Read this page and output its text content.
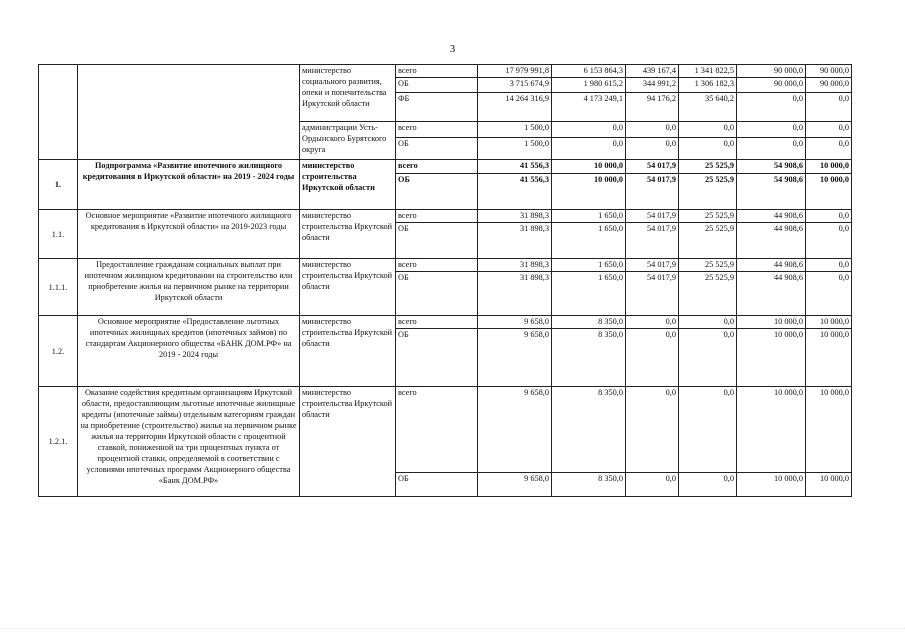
3
		министерство социального развития, опеки и попечительства Иркутской области	всего	17 979 991,8	6 153 864,3	439 167,4	1 341 822,5	90 000,0	90 000,0
			ОБ	3 715 674,9	1 980 615,2	344 991,2	1 306 182,3	90 000,0	90 000,0
			ФБ	14 264 316,9	4 173 249,1	94 176,2	35 640,2	0,0	0,0
		администрации Усть-Ордынского Бурятского округа	всего	1 500,0	0,0	0,0	0,0	0,0	0,0
			ОБ	1 500,0	0,0	0,0	0,0	0,0	0,0
1.	Подпрограмма «Развитие ипотечного жилищного кредитования в Иркутской области» на 2019 - 2024 годы	министерство строительства Иркутской области	всего	41 556,3	10 000,0	54 017,9	25 525,9	54 908,6	10 000,0
			ОБ	41 556,3	10 000,0	54 017,9	25 525,9	54 908,6	10 000,0
1.1.	Основное мероприятие «Развитие ипотечного жилищного кредитования в Иркутской области» на 2019-2023 годы	министерство строительства Иркутской области	всего	31 898,3	1 650,0	54 017,9	25 525,9	44 908,6	0,0
			ОБ	31 898,3	1 650,0	54 017,9	25 525,9	44 908,6	0,0
1.1.1.	Предоставление гражданам социальных выплат при ипотечном жилищном кредитовании на строительство или приобретение жилья на первичном рынке на территории Иркутской области	министерство строительства Иркутской области	всего	31 898,3	1 650,0	54 017,9	25 525,9	44 908,6	0,0
			ОБ	31 898,3	1 650,0	54 017,9	25 525,9	44 908,6	0,0
1.2.	Основное мероприятие «Предоставление льготных ипотечных жилищных кредитов (ипотечных займов) по стандартам Акционерного общества «БАНК ДОМ.РФ» на 2019 - 2024 годы	министерство строительства Иркутской области	всего	9 658,0	8 350,0	0,0	0,0	10 000,0	10 000,0
			ОБ	9 658,0	8 350,0	0,0	0,0	10 000,0	10 000,0
1.2.1.	Оказание содействия кредитным организациям Иркутской области, предоставляющим льготные ипотечные жилищные кредиты (ипотечные займы) отдельным категориям граждан на приобретение (строительство) жилья на первичном рынке жилья на территории Иркутской области с процентной ставкой, пониженной на три процентных пункта от процентной ставки, определяемой в соответствии с условиями ипотечных программ Акционерного общества «Банк ДОМ.РФ»	министерство строительства Иркутской области	всего	9 658,0	8 350,0	0,0	0,0	10 000,0	10 000,0
			ОБ	9 658,0	8 350,0	0,0	0,0	10 000,0	10 000,0
